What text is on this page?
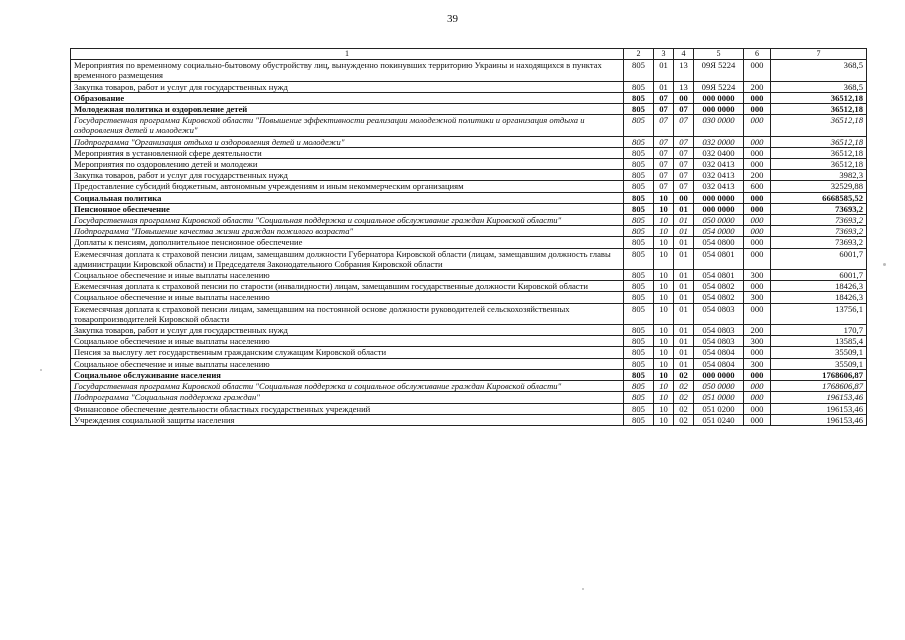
39
1	2	3	4	5	6	7
Мероприятия по временному социально-бытовому обустройству лиц, вынужденно покинувших территорию Украины и находящихся в пунктах временного размещения	805	01	13	09Я 5224	000	368,5
Закупка товаров, работ и услуг для государственных нужд	805	01	13	09Я 5224	200	368,5
Образование	805	07	00	000 0000	000	36512,18
Молодежная политика и оздоровление детей	805	07	07	000 0000	000	36512,18
Государственная программа Кировской области "Повышение эффективности реализации молодежной политики и организация отдыха и оздоровления детей и молодежи"	805	07	07	030 0000	000	36512,18
Подпрограмма "Организация отдыха и оздоровления детей и молодежи"	805	07	07	032 0000	000	36512,18
Мероприятия в установленной сфере деятельности	805	07	07	032 0400	000	36512,18
Мероприятия по оздоровлению детей и молодежи	805	07	07	032 0413	000	36512,18
Закупка товаров, работ и услуг для государственных нужд	805	07	07	032 0413	200	3982,3
Предоставление субсидий бюджетным, автономным учреждениям и иным некоммерческим организациям	805	07	07	032 0413	600	32529,88
Социальная политика	805	10	00	000 0000	000	6668585,52
Пенсионное обеспечение	805	10	01	000 0000	000	73693,2
Государственная программа Кировской области "Социальная поддержка и социальное обслуживание граждан Кировской области"	805	10	01	050 0000	000	73693,2
Подпрограмма "Повышение качества жизни граждан пожилого возраста"	805	10	01	054 0000	000	73693,2
Доплаты к пенсиям, дополнительное пенсионное обеспечение	805	10	01	054 0800	000	73693,2
Ежемесячная доплата к страховой пенсии лицам, замещавшим должности Губернатора Кировской области (лицам, замещавшим должность главы администрации Кировской области) и Председателя Законодательного Собрания Кировской области	805	10	01	054 0801	000	6001,7
Социальное обеспечение и иные выплаты населению	805	10	01	054 0801	300	6001,7
Ежемесячная доплата к страховой пенсии по старости (инвалидности) лицам, замещавшим государственные должности Кировской области	805	10	01	054 0802	000	18426,3
Социальное обеспечение и иные выплаты населению	805	10	01	054 0802	300	18426,3
Ежемесячная доплата к страховой пенсии лицам, замещавшим на постоянной основе должности руководителей сельскохозяйственных товаропроизводителей Кировской области	805	10	01	054 0803	000	13756,1
Закупка товаров, работ и услуг для государственных нужд	805	10	01	054 0803	200	170,7
Социальное обеспечение и иные выплаты населению	805	10	01	054 0803	300	13585,4
Пенсия за выслугу лет государственным гражданским служащим Кировской области	805	10	01	054 0804	000	35509,1
Социальное обеспечение и иные выплаты населению	805	10	01	054 0804	300	35509,1
Социальное обслуживание населения	805	10	02	000 0000	000	1768606,87
Государственная программа Кировской области "Социальная поддержка и социальное обслуживание граждан Кировской области"	805	10	02	050 0000	000	1768606,87
Подпрограмма "Социальная поддержка граждан"	805	10	02	051 0000	000	196153,46
Финансовое обеспечение деятельности областных государственных учреждений	805	10	02	051 0200	000	196153,46
Учреждения социальной защиты населения	805	10	02	051 0240	000	196153,46
